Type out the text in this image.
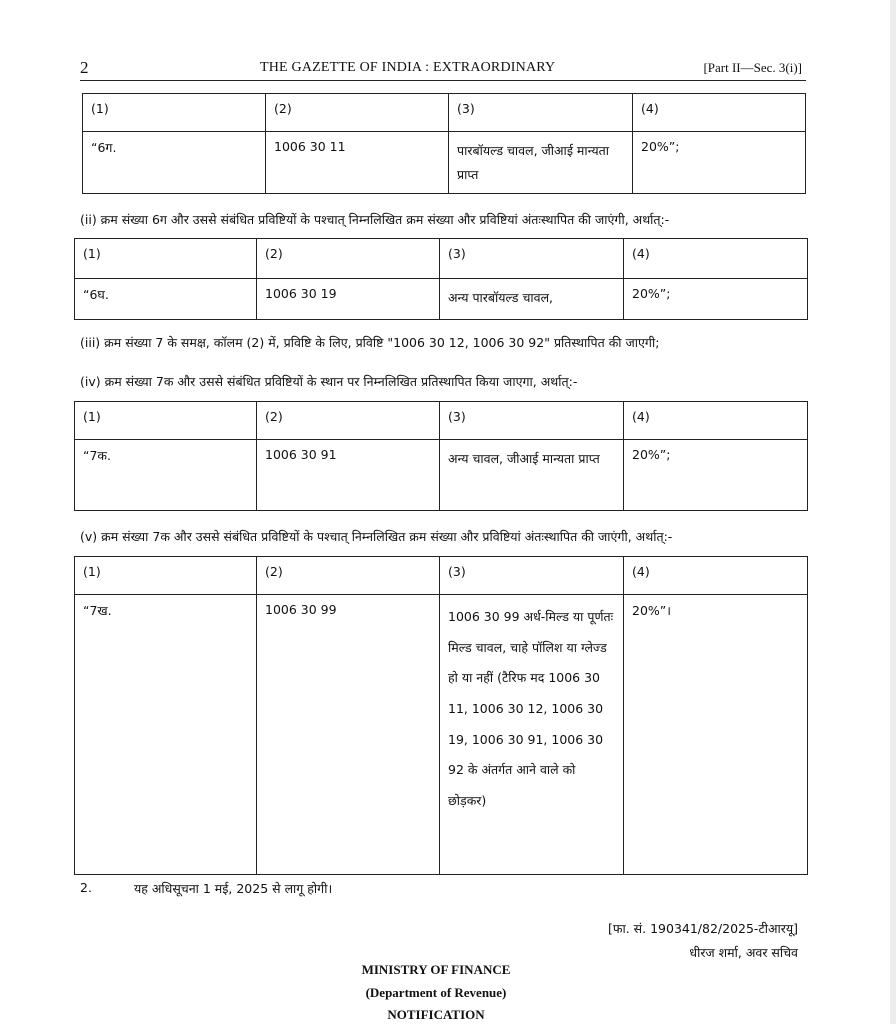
2	THE GAZETTE OF INDIA : EXTRAORDINARY	[Part II—Sec. 3(i)]
(1)	(2)	(3)	(4)
“6ग.	1006 30 11	पारबॉयल्ड चावल, जीआई मान्यता प्राप्त	20%”;
(ii) क्रम संख्या 6ग और उससे संबंधित प्रविष्टियों के पश्चात् निम्नलिखित क्रम संख्या और प्रविष्टियां अंतःस्थापित की जाएंगी, अर्थात्:-
(1)	(2)	(3)	(4)
“6घ.	1006 30 19	अन्य पारबॉयल्ड चावल,	20%”;
(iii) क्रम संख्या 7 के समक्ष, कॉलम (2) में, प्रविष्टि के लिए, प्रविष्टि "1006 30 12, 1006 30 92" प्रतिस्थापित की जाएगी;
(iv) क्रम संख्या 7क और उससे संबंधित प्रविष्टियों के स्थान पर निम्नलिखित प्रतिस्थापित किया जाएगा, अर्थात्:-
(1)	(2)	(3)	(4)
“7क.	1006 30 91	अन्य चावल, जीआई मान्यता प्राप्त	20%”;
(v) क्रम संख्या 7क और उससे संबंधित प्रविष्टियों के पश्चात् निम्नलिखित क्रम संख्या और प्रविष्टियां अंतःस्थापित की जाएंगी, अर्थात्:-
(1)	(2)	(3)	(4)
“7ख.	1006 30 99	1006 30 99 अर्ध-मिल्ड या पूर्णतः मिल्ड चावल, चाहे पॉलिश या ग्लेज्ड हो या नहीं (टैरिफ मद 1006 30 11, 1006 30 12, 1006 30 19, 1006 30 91, 1006 30 92 के अंतर्गत आने वाले को छोड़कर)	20%”।
2.	यह अधिसूचना 1 मई, 2025 से लागू होगी।
[फा. सं. 190341/82/2025-टीआरयू]
धीरज शर्मा, अवर सचिव
MINISTRY OF FINANCE
(Department of Revenue)
NOTIFICATION
